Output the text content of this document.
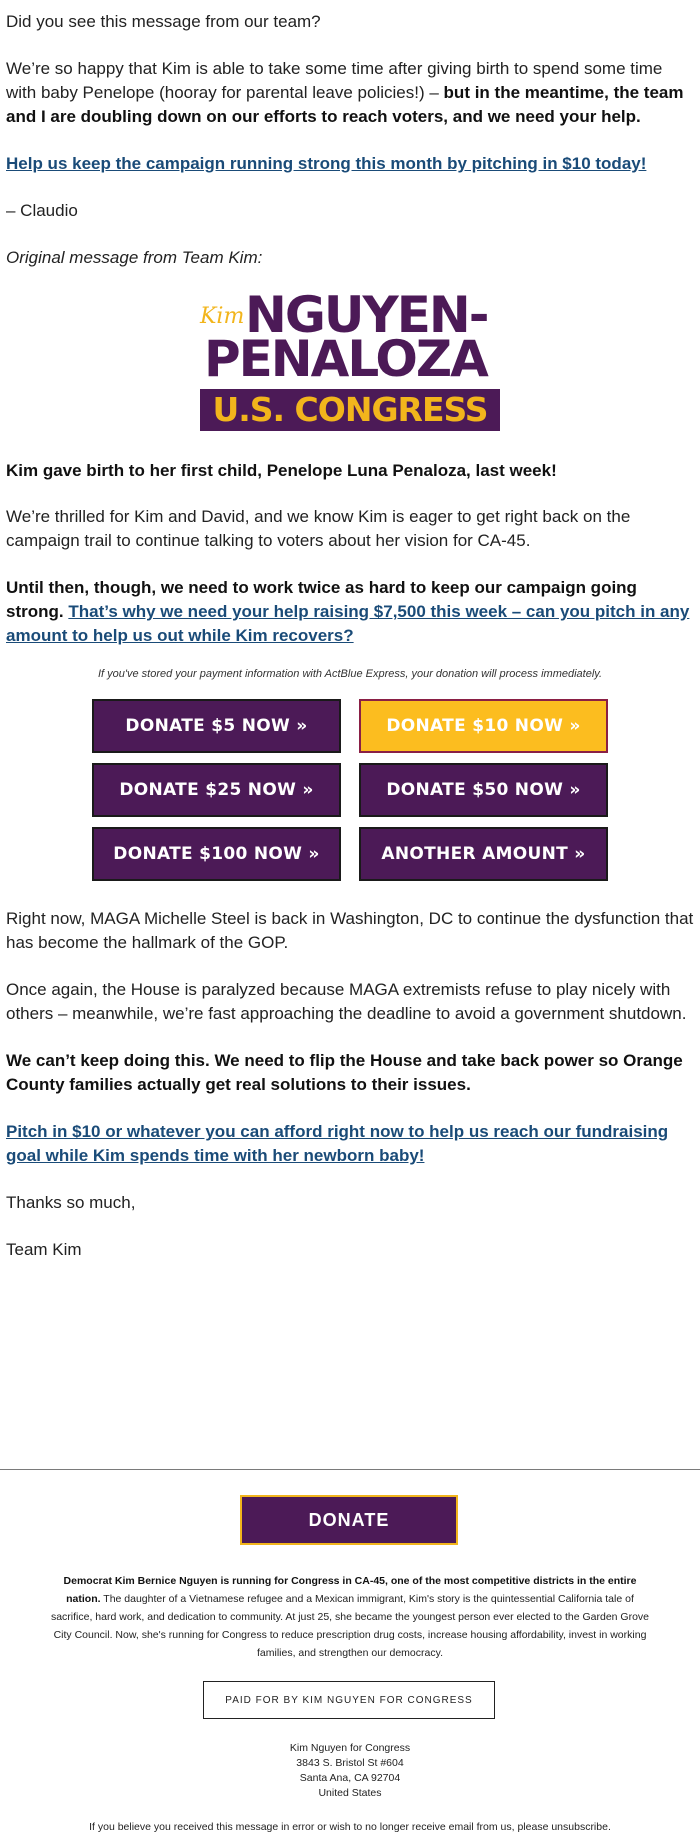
Did you see this message from our team?

We’re so happy that Kim is able to take some time after giving birth to spend some time with baby Penelope (hooray for parental leave policies!) – but in the meantime, the team and I are doubling down on our efforts to reach voters, and we need your help.

Help us keep the campaign running strong this month by pitching in $10 today!

– Claudio

Original message from Team Kim:

Kim NGUYEN-
PENALOZA
U.S. CONGRESS

Kim gave birth to her first child, Penelope Luna Penaloza, last week!

We’re thrilled for Kim and David, and we know Kim is eager to get right back on the campaign trail to continue talking to voters about her vision for CA-45.

Until then, though, we need to work twice as hard to keep our campaign going strong. That’s why we need your help raising $7,500 this week – can you pitch in any amount to help us out while Kim recovers?

If you've stored your payment information with ActBlue Express, your donation will process immediately.

DONATE $5 NOW »	DONATE $10 NOW »
DONATE $25 NOW »	DONATE $50 NOW »
DONATE $100 NOW »	ANOTHER AMOUNT »

Right now, MAGA Michelle Steel is back in Washington, DC to continue the dysfunction that has become the hallmark of the GOP.

Once again, the House is paralyzed because MAGA extremists refuse to play nicely with others – meanwhile, we’re fast approaching the deadline to avoid a government shutdown.

We can’t keep doing this. We need to flip the House and take back power so Orange County families actually get real solutions to their issues.

Pitch in $10 or whatever you can afford right now to help us reach our fundraising goal while Kim spends time with her newborn baby!

Thanks so much,

Team Kim

DONATE
Democrat Kim Bernice Nguyen is running for Congress in CA-45, one of the most competitive districts in the entire nation. The daughter of a Vietnamese refugee and a Mexican immigrant, Kim's story is the quintessential California tale of sacrifice, hard work, and dedication to community. At just 25, she became the youngest person ever elected to the Garden Grove City Council. Now, she's running for Congress to reduce prescription drug costs, increase housing affordability, invest in working families, and strengthen our democracy.
PAID FOR BY KIM NGUYEN FOR CONGRESS
Kim Nguyen for Congress
3843 S. Bristol St #604
Santa Ana, CA 92704
United States
If you believe you received this message in error or wish to no longer receive email from us, please unsubscribe.
